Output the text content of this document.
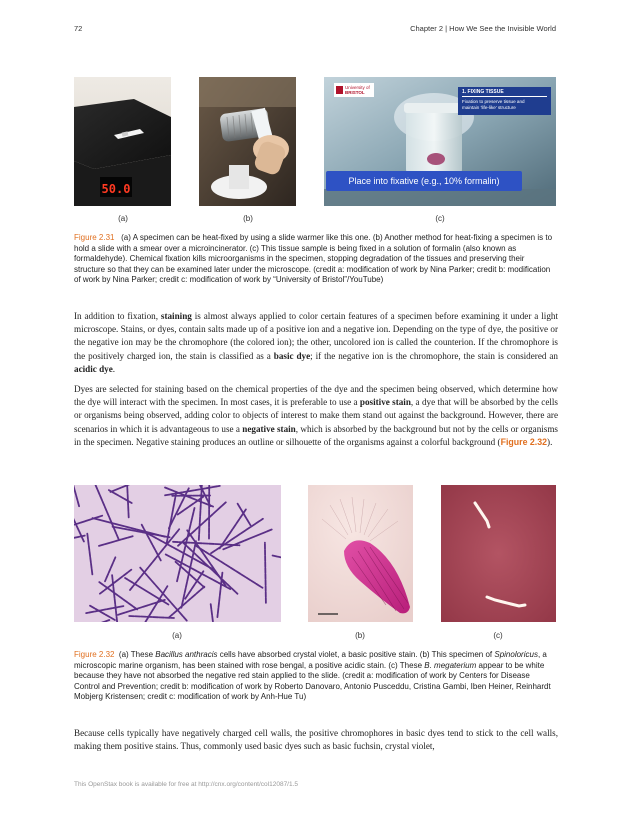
72	Chapter 2 | How We See the Invisible World
50.0
University of
BRISTOL	1. FIXING TISSUE
Fixation to preserve tissue and
maintain 'life-like' structure
Place into fixative (e.g., 10% formalin)
(a)	(b)	(c)
Figure 2.31 (a) A specimen can be heat-fixed by using a slide warmer like this one. (b) Another method for heat-fixing a specimen is to hold a slide with a smear over a microincinerator. (c) This tissue sample is being fixed in a solution of formalin (also known as formaldehyde). Chemical fixation kills microorganisms in the specimen, stopping degradation of the tissues and preserving their structure so that they can be examined later under the microscope. (credit a: modification of work by Nina Parker; credit b: modification of work by Nina Parker; credit c: modification of work by “University of Bristol”/YouTube)
In addition to fixation, staining is almost always applied to color certain features of a specimen before examining it under a light microscope. Stains, or dyes, contain salts made up of a positive ion and a negative ion. Depending on the type of dye, the positive or the negative ion may be the chromophore (the colored ion); the other, uncolored ion is called the counterion. If the chromophore is the positively charged ion, the stain is classified as a basic dye; if the negative ion is the chromophore, the stain is considered an acidic dye.
Dyes are selected for staining based on the chemical properties of the dye and the specimen being observed, which determine how the dye will interact with the specimen. In most cases, it is preferable to use a positive stain, a dye that will be absorbed by the cells or organisms being observed, adding color to objects of interest to make them stand out against the background. However, there are scenarios in which it is advantageous to use a negative stain, which is absorbed by the background but not by the cells or organisms in the specimen. Negative staining produces an outline or silhouette of the organisms against a colorful background (Figure 2.32).
(a)	(b)	(c)
Figure 2.32 (a) These Bacillus anthracis cells have absorbed crystal violet, a basic positive stain. (b) This specimen of Spinoloricus, a microscopic marine organism, has been stained with rose bengal, a positive acidic stain. (c) These B. megaterium appear to be white because they have not absorbed the negative red stain applied to the slide. (credit a: modification of work by Centers for Disease Control and Prevention; credit b: modification of work by Roberto Danovaro, Antonio Pusceddu, Cristina Gambi, Iben Heiner, Reinhardt Mobjerg Kristensen; credit c: modification of work by Anh-Hue Tu)
Because cells typically have negatively charged cell walls, the positive chromophores in basic dyes tend to stick to the cell walls, making them positive stains. Thus, commonly used basic dyes such as basic fuchsin, crystal violet,
This OpenStax book is available for free at http://cnx.org/content/col12087/1.5
